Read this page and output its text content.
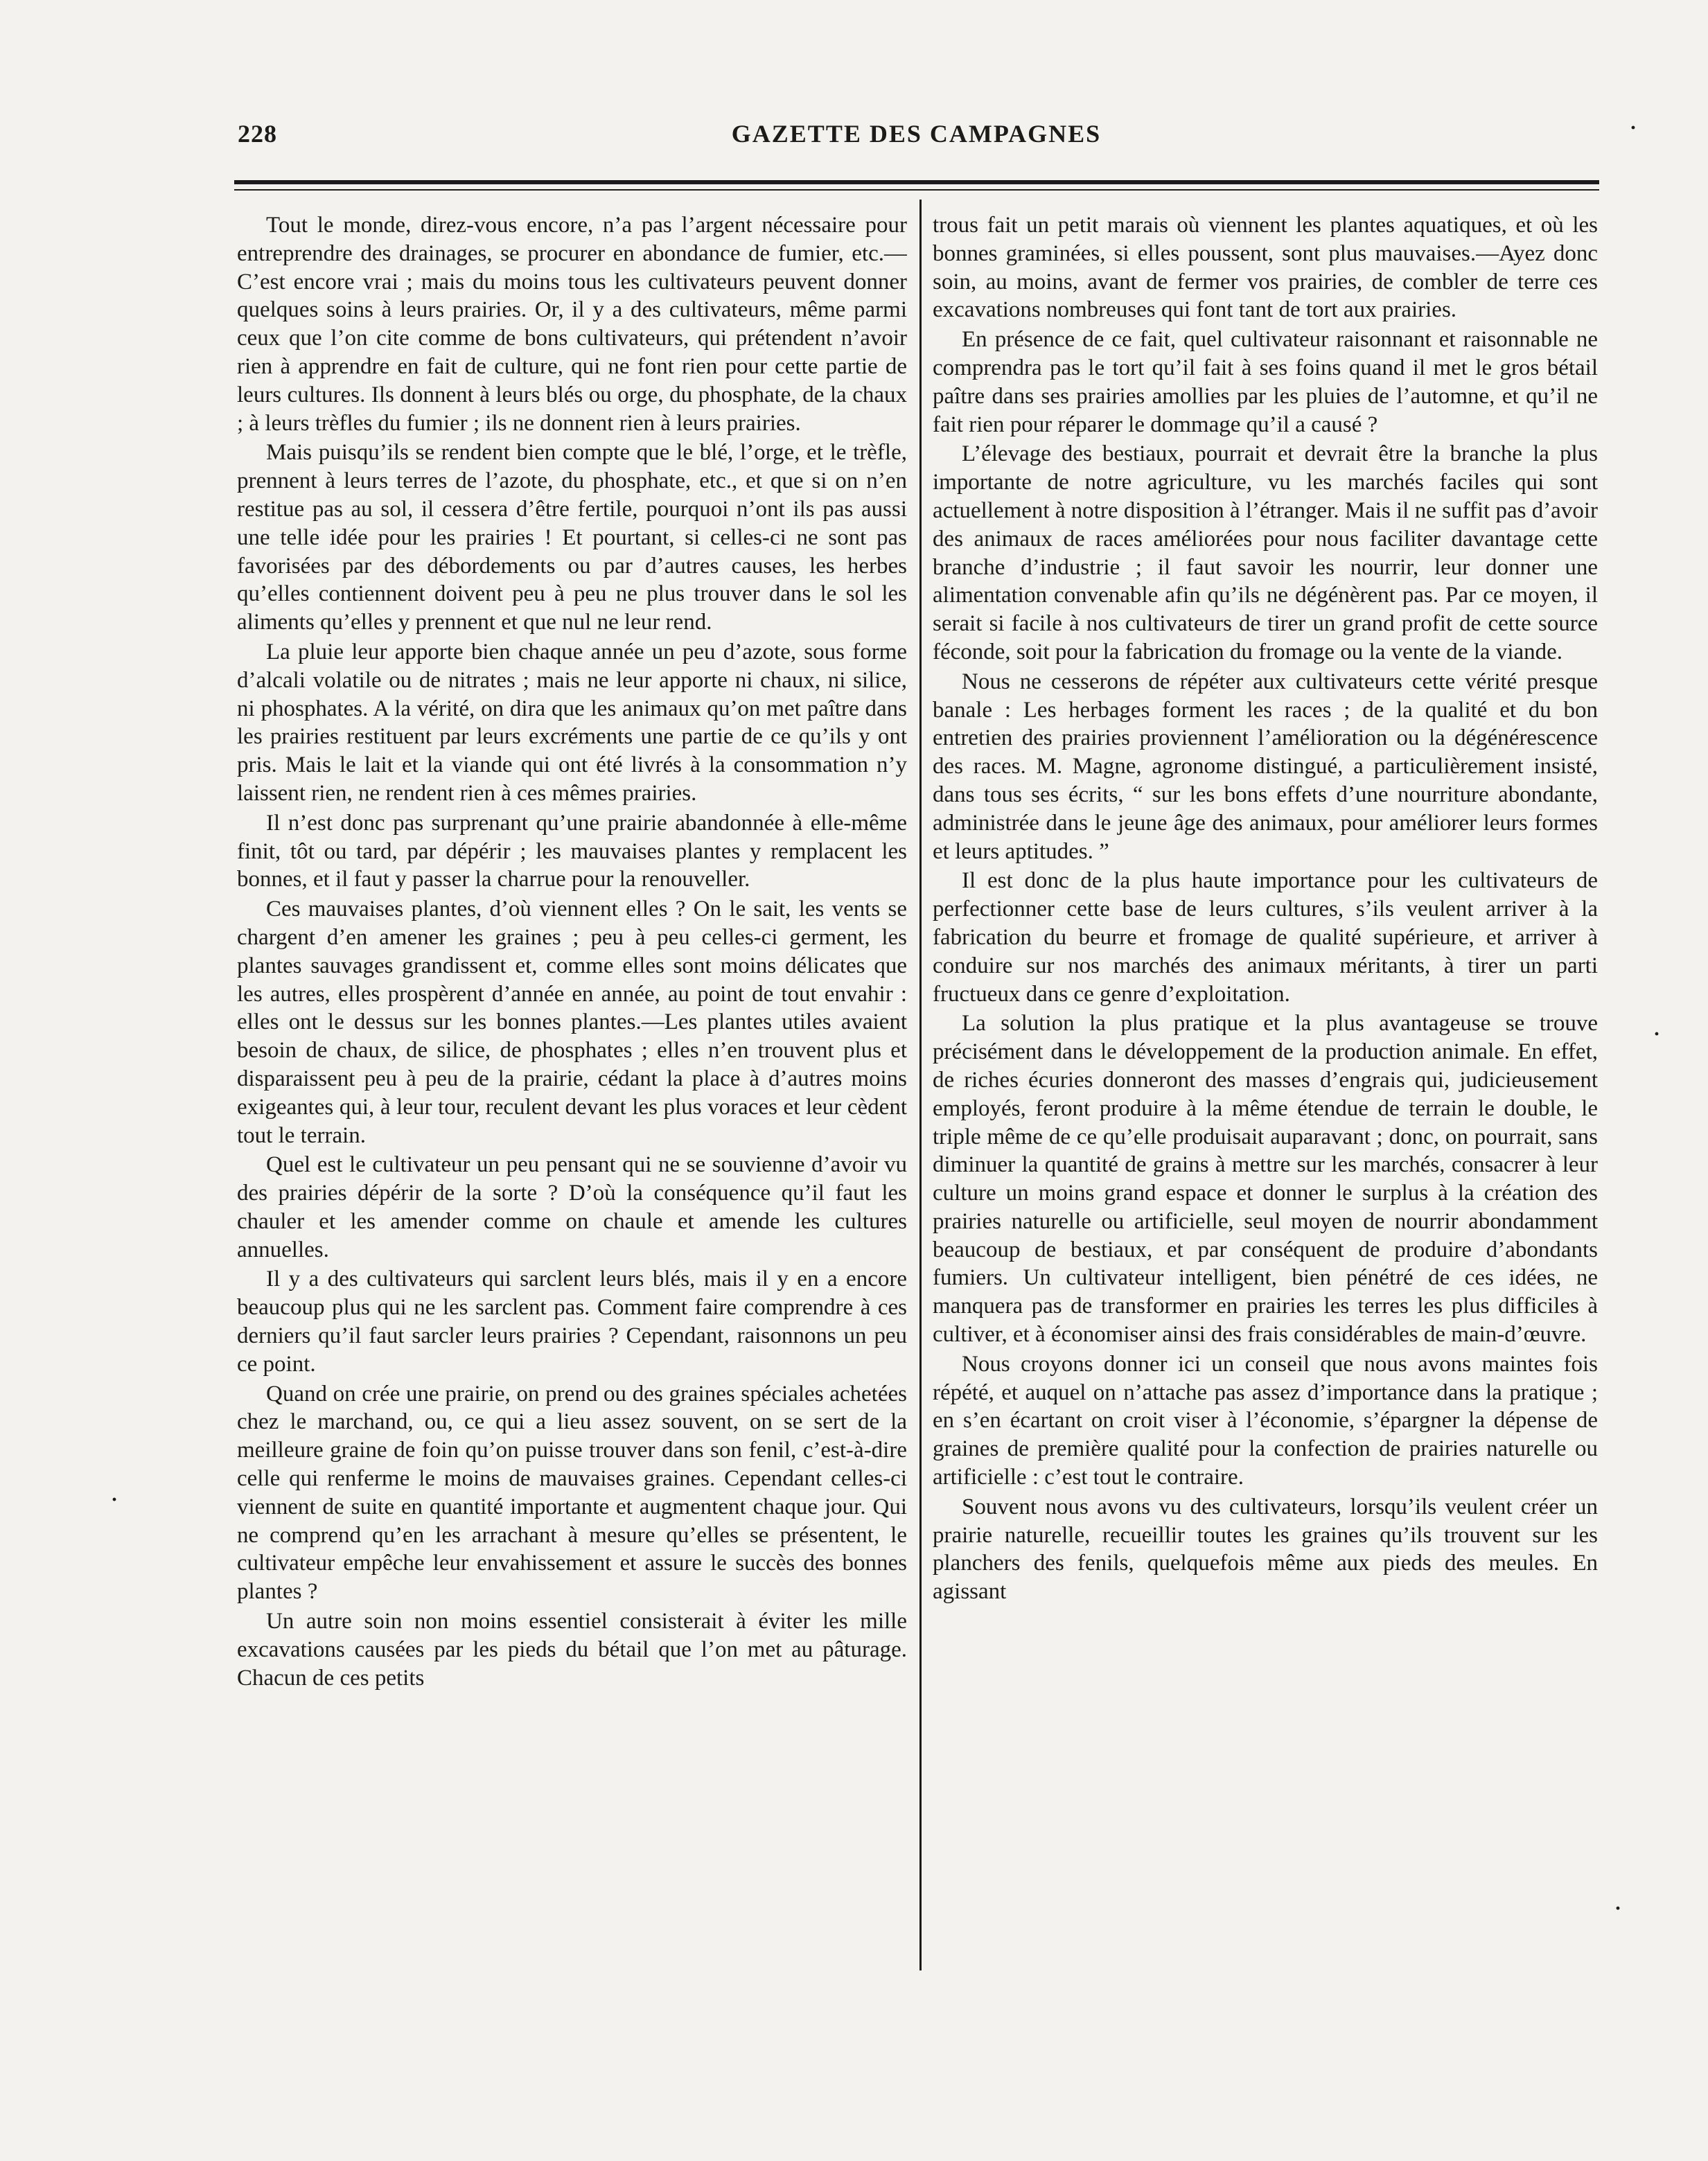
228	GAZETTE DES CAMPAGNES

Tout le monde, direz-vous encore, n’a pas l’argent nécessaire pour entreprendre des drainages, se procurer en abondance de fumier, etc.—C’est encore vrai ; mais du moins tous les cultivateurs peuvent donner quelques soins à leurs prairies. Or, il y a des cultivateurs, même parmi ceux que l’on cite comme de bons cultivateurs, qui prétendent n’avoir rien à apprendre en fait de culture, qui ne font rien pour cette partie de leurs cultures. Ils donnent à leurs blés ou orge, du phosphate, de la chaux ; à leurs trèfles du fumier ; ils ne donnent rien à leurs prairies.

Mais puisqu’ils se rendent bien compte que le blé, l’orge, et le trèfle, prennent à leurs terres de l’azote, du phosphate, etc., et que si on n’en restitue pas au sol, il cessera d’être fertile, pourquoi n’ont ils pas aussi une telle idée pour les prairies ! Et pourtant, si celles-ci ne sont pas favorisées par des débordements ou par d’autres causes, les herbes qu’elles contiennent doivent peu à peu ne plus trouver dans le sol les aliments qu’elles y prennent et que nul ne leur rend.

La pluie leur apporte bien chaque année un peu d’azote, sous forme d’alcali volatile ou de nitrates ; mais ne leur apporte ni chaux, ni silice, ni phosphates. A la vérité, on dira que les animaux qu’on met paître dans les prairies restituent par leurs excréments une partie de ce qu’ils y ont pris. Mais le lait et la viande qui ont été livrés à la consommation n’y laissent rien, ne rendent rien à ces mêmes prairies.

Il n’est donc pas surprenant qu’une prairie abandonnée à elle-même finit, tôt ou tard, par dépérir ; les mauvaises plantes y remplacent les bonnes, et il faut y passer la charrue pour la renouveller.

Ces mauvaises plantes, d’où viennent elles ? On le sait, les vents se chargent d’en amener les graines ; peu à peu celles-ci germent, les plantes sauvages grandissent et, comme elles sont moins délicates que les autres, elles prospèrent d’année en année, au point de tout envahir : elles ont le dessus sur les bonnes plantes.—Les plantes utiles avaient besoin de chaux, de silice, de phosphates ; elles n’en trouvent plus et disparaissent peu à peu de la prairie, cédant la place à d’autres moins exigeantes qui, à leur tour, reculent devant les plus voraces et leur cèdent tout le terrain.

Quel est le cultivateur un peu pensant qui ne se souvienne d’avoir vu des prairies dépérir de la sorte ? D’où la conséquence qu’il faut les chauler et les amender comme on chaule et amende les cultures annuelles.

Il y a des cultivateurs qui sarclent leurs blés, mais il y en a encore beaucoup plus qui ne les sarclent pas. Comment faire comprendre à ces derniers qu’il faut sarcler leurs prairies ? Cependant, raisonnons un peu ce point.

Quand on crée une prairie, on prend ou des graines spéciales achetées chez le marchand, ou, ce qui a lieu assez souvent, on se sert de la meilleure graine de foin qu’on puisse trouver dans son fenil, c’est-à-dire celle qui renferme le moins de mauvaises graines. Cependant celles-ci viennent de suite en quantité importante et augmentent chaque jour. Qui ne comprend qu’en les arrachant à mesure qu’elles se présentent, le cultivateur empêche leur envahissement et assure le succès des bonnes plantes ?

Un autre soin non moins essentiel consisterait à éviter les mille excavations causées par les pieds du bétail que l’on met au pâturage. Chacun de ces petits

trous fait un petit marais où viennent les plantes aquatiques, et où les bonnes graminées, si elles poussent, sont plus mauvaises.—Ayez donc soin, au moins, avant de fermer vos prairies, de combler de terre ces excavations nombreuses qui font tant de tort aux prairies.

En présence de ce fait, quel cultivateur raisonnant et raisonnable ne comprendra pas le tort qu’il fait à ses foins quand il met le gros bétail paître dans ses prairies amollies par les pluies de l’automne, et qu’il ne fait rien pour réparer le dommage qu’il a causé ?

L’élevage des bestiaux, pourrait et devrait être la branche la plus importante de notre agriculture, vu les marchés faciles qui sont actuellement à notre disposition à l’étranger. Mais il ne suffit pas d’avoir des animaux de races améliorées pour nous faciliter davantage cette branche d’industrie ; il faut savoir les nourrir, leur donner une alimentation convenable afin qu’ils ne dégénèrent pas. Par ce moyen, il serait si facile à nos cultivateurs de tirer un grand profit de cette source féconde, soit pour la fabrication du fromage ou la vente de la viande.

Nous ne cesserons de répéter aux cultivateurs cette vérité presque banale : Les herbages forment les races ; de la qualité et du bon entretien des prairies proviennent l’amélioration ou la dégénérescence des races. M. Magne, agronome distingué, a particulièrement insisté, dans tous ses écrits, “ sur les bons effets d’une nourriture abondante, administrée dans le jeune âge des animaux, pour améliorer leurs formes et leurs aptitudes. ”

Il est donc de la plus haute importance pour les cultivateurs de perfectionner cette base de leurs cultures, s’ils veulent arriver à la fabrication du beurre et fromage de qualité supérieure, et arriver à conduire sur nos marchés des animaux méritants, à tirer un parti fructueux dans ce genre d’exploitation.

La solution la plus pratique et la plus avantageuse se trouve précisément dans le développement de la production animale. En effet, de riches écuries donneront des masses d’engrais qui, judicieusement employés, feront produire à la même étendue de terrain le double, le triple même de ce qu’elle produisait auparavant ; donc, on pourrait, sans diminuer la quantité de grains à mettre sur les marchés, consacrer à leur culture un moins grand espace et donner le surplus à la création des prairies naturelle ou artificielle, seul moyen de nourrir abondamment beaucoup de bestiaux, et par conséquent de produire d’abondants fumiers. Un cultivateur intelligent, bien pénétré de ces idées, ne manquera pas de transformer en prairies les terres les plus difficiles à cultiver, et à économiser ainsi des frais considérables de main-d’œuvre.

Nous croyons donner ici un conseil que nous avons maintes fois répété, et auquel on n’attache pas assez d’importance dans la pratique ; en s’en écartant on croit viser à l’économie, s’épargner la dépense de graines de première qualité pour la confection de prairies naturelle ou artificielle : c’est tout le contraire.

Souvent nous avons vu des cultivateurs, lorsqu’ils veulent créer un prairie naturelle, recueillir toutes les graines qu’ils trouvent sur les planchers des fenils, quelquefois même aux pieds des meules. En agissant

·
·
·
·
